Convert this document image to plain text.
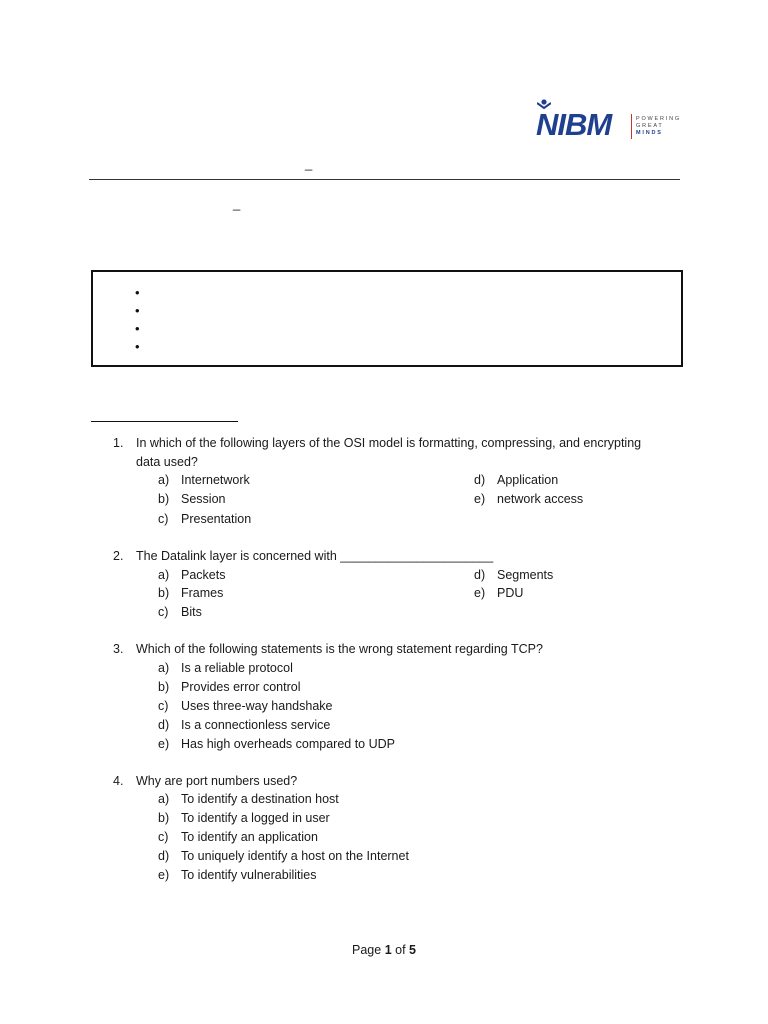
NIBM	POWERING
GREAT
MINDS
_
_
•
•
•
•
1. In which of the following layers of the OSI model is formatting, compressing, and encrypting
data used?
a) Internetwork
b) Session
c) Presentation
d) Application
e) network access
2. The Datalink layer is concerned with ______________________
a) Packets
b) Frames
c) Bits
d) Segments
e) PDU
3. Which of the following statements is the wrong statement regarding TCP?
a) Is a reliable protocol
b) Provides error control
c) Uses three-way handshake
d) Is a connectionless service
e) Has high overheads compared to UDP
4. Why are port numbers used?
a) To identify a destination host
b) To identify a logged in user
c) To identify an application
d) To uniquely identify a host on the Internet
e) To identify vulnerabilities
Page 1 of 5
